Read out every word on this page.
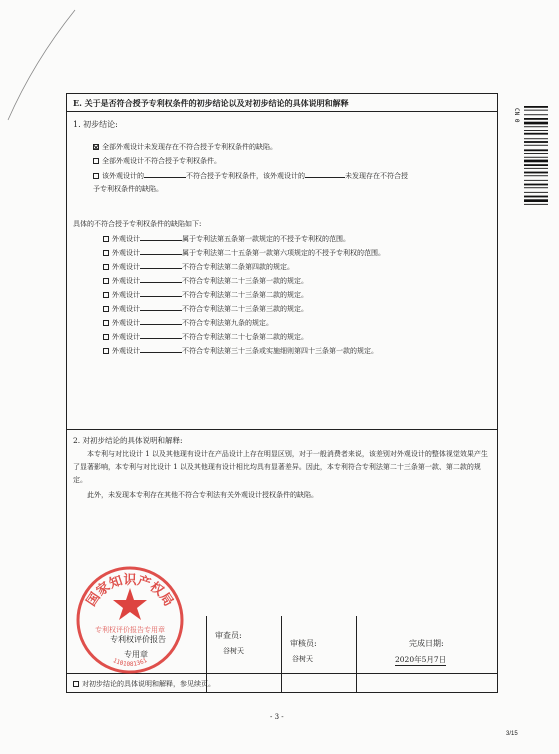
E. 关于是否符合授予专利权条件的初步结论以及对初步结论的具体说明和解释
1. 初步结论:
全部外观设计未发现存在不符合授予专利权条件的缺陷。
全部外观设计不符合授予专利权条件。
该外观设计的	不符合授予专利权条件，该外观设计的	未发现存在不符合授
予专利权条件的缺陷。
具体的不符合授予专利权条件的缺陷如下:
外观设计	属于专利法第五条第一款规定的不授予专利权的范围。
外观设计	属于专利法第二十五条第一款第六项规定的不授予专利权的范围。
外观设计	不符合专利法第二条第四款的规定。
外观设计	不符合专利法第二十三条第一款的规定。
外观设计	不符合专利法第二十三条第二款的规定。
外观设计	不符合专利法第二十三条第三款的规定。
外观设计	不符合专利法第九条的规定。
外观设计	不符合专利法第二十七条第二款的规定。
外观设计	不符合专利法第三十三条或实施细则第四十三条第一款的规定。
2. 对初步结论的具体说明和解释:
本专利与对比设计 1 以及其他现有设计在产品设计上存在明显区别，对于一般消费者来说，该差别对外观设计的整体视觉效果产生了显著影响，本专利与对比设计 1 以及其他现有设计相比均具有显著差异。因此，本专利符合专利法第二十三条第一款、第二款的规定。
此外，未发现本专利存在其他不符合专利法有关外观设计授权条件的缺陷。
对初步结论的具体说明和解释，参见续页。
专利权评价报告
专用章
审查员:
谷树天
审核员:
谷树天
完成日期:
2020年5月7日
国家知识产权局
专利权评价报告专用章
1101081361
CN 0
- 3 -
3/15
